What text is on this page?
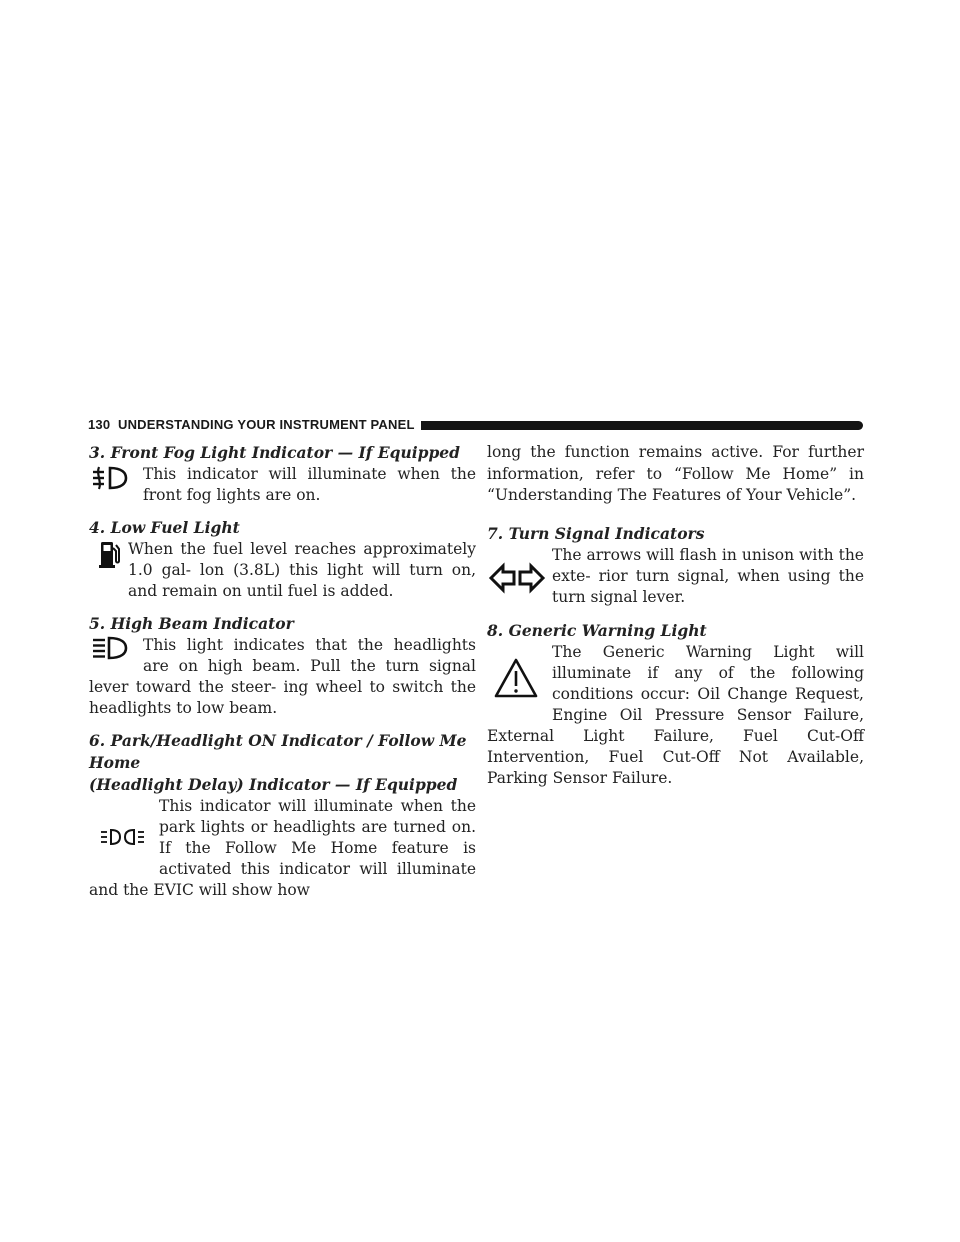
130 UNDERSTANDING YOUR INSTRUMENT PANEL

3. Front Fog Light Indicator — If Equipped

This indicator will illuminate when the front fog lights are on.

4. Low Fuel Light

When the fuel level reaches approximately 1.0 gal- lon (3.8L) this light will turn on, and remain on until fuel is added.

5. High Beam Indicator

This light indicates that the headlights are on high beam. Pull the turn signal lever toward the steer- ing wheel to switch the headlights to low beam.

6. Park/Headlight ON Indicator / Follow Me Home

(Headlight Delay) Indicator — If Equipped

This indicator will illuminate when the park lights or headlights are turned on. If the Follow Me Home feature is activated this indicator will illuminate and the EVIC will show how

long the function remains active. For further information, refer to “Follow Me Home” in “Understanding The Features of Your Vehicle”.

7. Turn Signal Indicators

The arrows will flash in unison with the exte- rior turn signal, when using the turn signal lever.

8. Generic Warning Light

The Generic Warning Light will illuminate if any of the following conditions occur: Oil Change Request, Engine Oil Pressure Sensor Failure, External Light Failure, Fuel Cut-Off Intervention, Fuel Cut-Off Not Available, Parking Sensor Failure.
